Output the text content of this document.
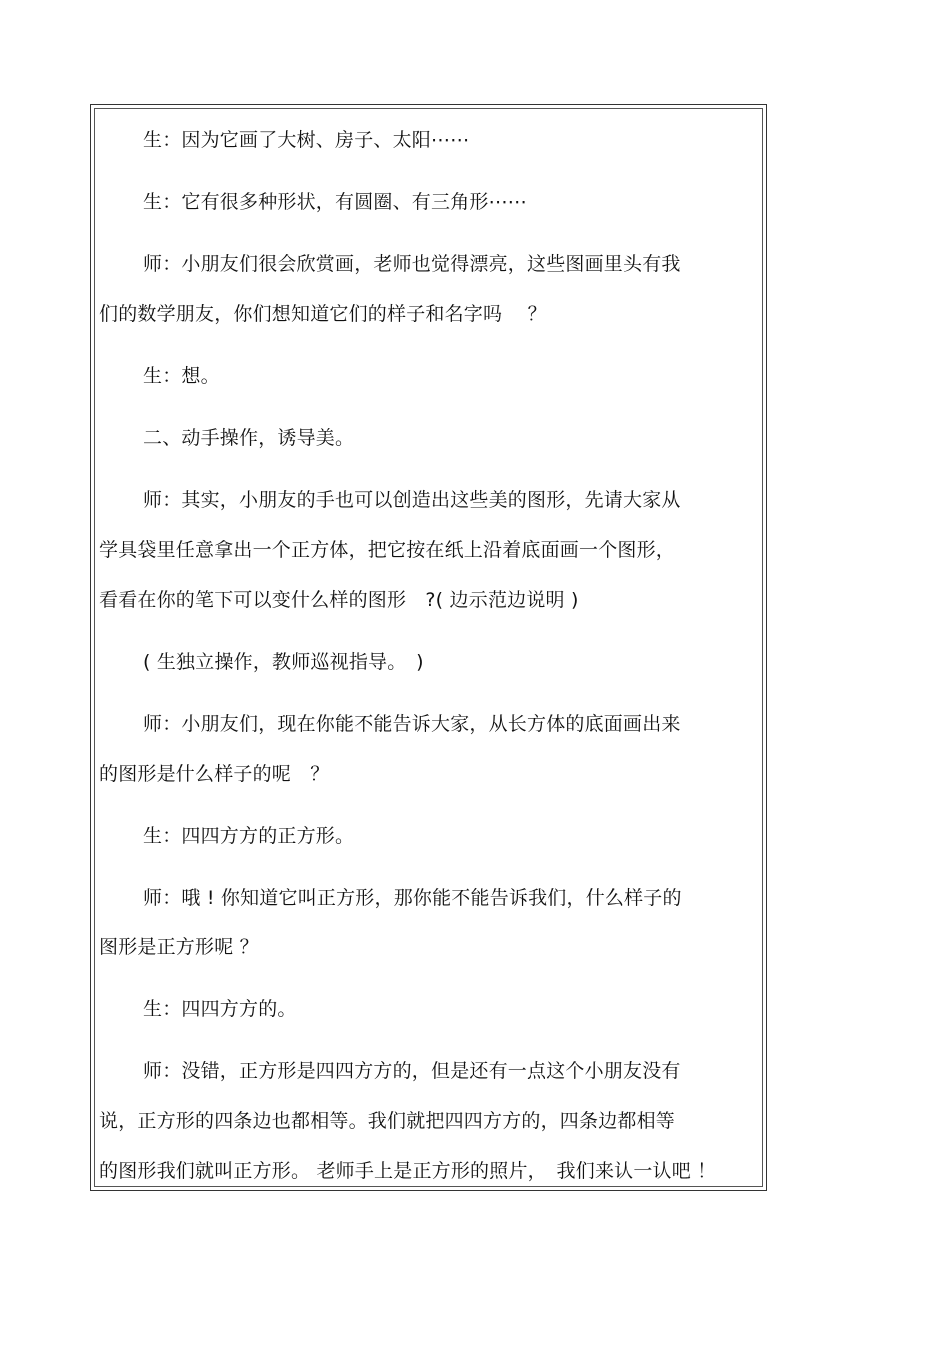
生：因为它画了大树、房子、太阳⋯⋯
生：它有很多种形状，有圆圈、有三角形⋯⋯
师：小朋友们很会欣赏画，老师也觉得漂亮，这些图画里头有我
们的数学朋友，你们想知道它们的样子和名字吗　 ？
生：想。
二、动手操作，诱导美。
师：其实，小朋友的手也可以创造出这些美的图形，先请大家从
学具袋里任意拿出一个正方体，把它按在纸上沿着底面画一个图形，
看看在你的笔下可以变什么样的图形　?( 边示范边说明 )
( 生独立操作，教师巡视指导。　)
师：小朋友们，现在你能不能告诉大家，从长方体的底面画出来
的图形是什么样子的呢　？
生：四四方方的正方形。
师：哦 ! 你知道它叫正方形，那你能不能告诉我们，什么样子的
图形是正方形呢 ？
生：四四方方的。
师：没错，正方形是四四方方的，但是还有一点这个小朋友没有
说，正方形的四条边也都相等。我们就把四四方方的，四条边都相等
的图形我们就叫正方形。 老师手上是正方形的照片，　我们来认一认吧 ！
